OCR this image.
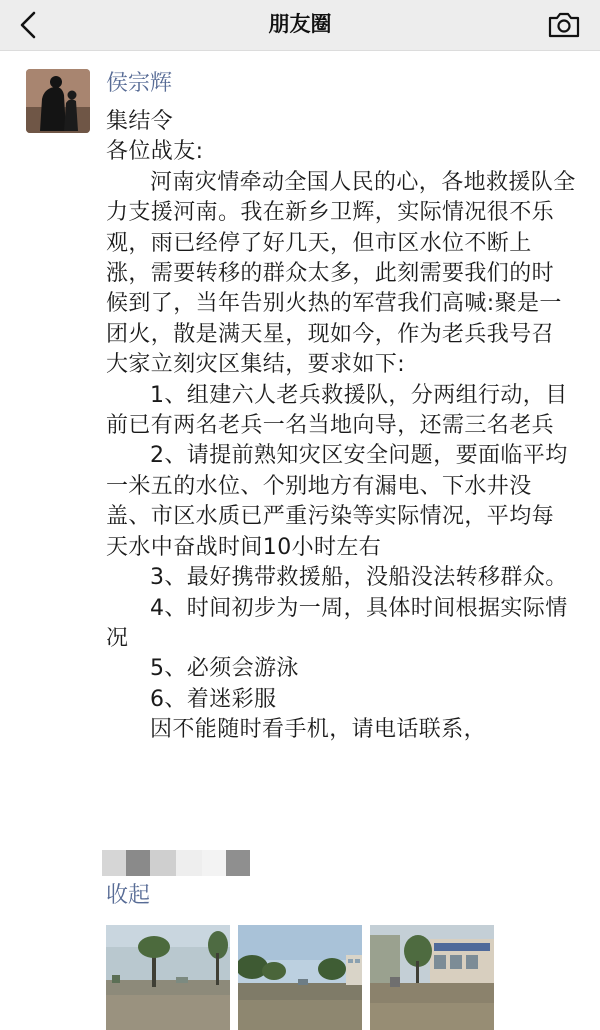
朋友圈
侯宗辉

集结令

各位战友:

河南灾情牵动全国人民的心，各地救援队全力支援河南。我在新乡卫辉，实际情况很不乐观，雨已经停了好几天，但市区水位不断上涨，需要转移的群众太多，此刻需要我们的时候到了，当年告别火热的军营我们高喊:聚是一团火，散是满天星，现如今，作为老兵我号召大家立刻灾区集结，要求如下:

1、组建六人老兵救援队，分两组行动，目前已有两名老兵一名当地向导，还需三名老兵

2、请提前熟知灾区安全问题，要面临平均一米五的水位、个别地方有漏电、下水井没盖、市区水质已严重污染等实际情况，平均每天水中奋战时间10小时左右

3、最好携带救援船，没船没法转移群众。

4、时间初步为一周，具体时间根据实际情况

5、必须会游泳

6、着迷彩服

因不能随时看手机，请电话联系，

收起
